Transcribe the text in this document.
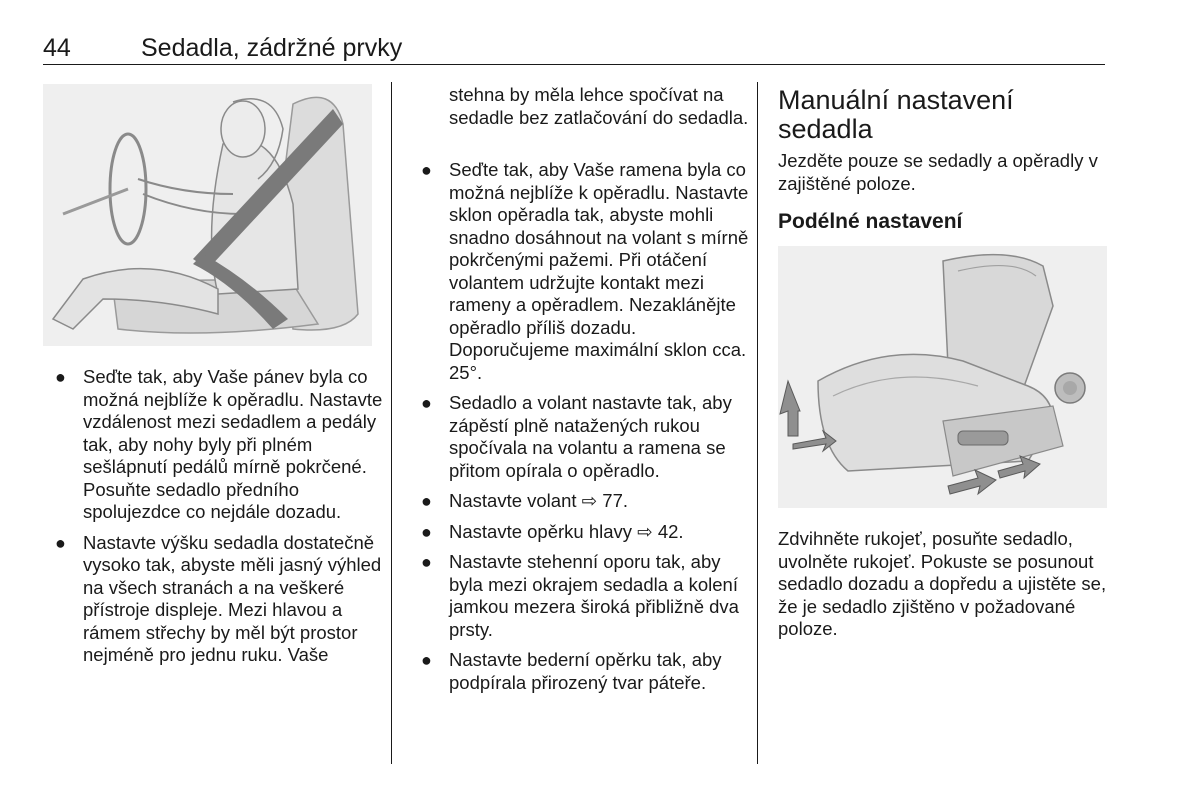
44	Sedadla, zádržné prvky
● Seďte tak, aby Vaše pánev byla co možná nejblíže k opěradlu. Nastavte vzdálenost mezi sedadlem a pedály tak, aby nohy byly při plném sešlápnutí pedálů mírně pokrčené. Posuňte sedadlo předního spolujezdce co nejdále dozadu.
● Nastavte výšku sedadla dostatečně vysoko tak, abyste měli jasný výhled na všech stranách a na veškeré přístroje displeje. Mezi hlavou a rámem střechy by měl být prostor nejméně pro jednu ruku. Vaše

stehna by měla lehce spočívat na sedadle bez zatlačování do sedadla.

● Seďte tak, aby Vaše ramena byla co možná nejblíže k opěradlu. Nastavte sklon opěradla tak, abyste mohli snadno dosáhnout na volant s mírně pokrčenými pažemi. Při otáčení volantem udržujte kontakt mezi rameny a opěradlem. Nezaklánějte opěradlo příliš dozadu. Doporučujeme maximální sklon cca. 25°.
● Sedadlo a volant nastavte tak, aby zápěstí plně natažených rukou spočívala na volantu a ramena se přitom opírala o opěradlo.
● Nastavte volant ⇨ 77.
● Nastavte opěrku hlavy ⇨ 42.
● Nastavte stehenní oporu tak, aby byla mezi okrajem sedadla a kolení jamkou mezera široká přibližně dva prsty.
● Nastavte bederní opěrku tak, aby podpírala přirozený tvar páteře.
Manuální nastavení sedadla

Jezděte pouze se sedadly a opěradly v zajištěné poloze.

Podélné nastavení

Zdvihněte rukojeť, posuňte sedadlo, uvolněte rukojeť. Pokuste se posunout sedadlo dozadu a dopředu a ujistěte se, že je sedadlo zjištěno v požadované poloze.
